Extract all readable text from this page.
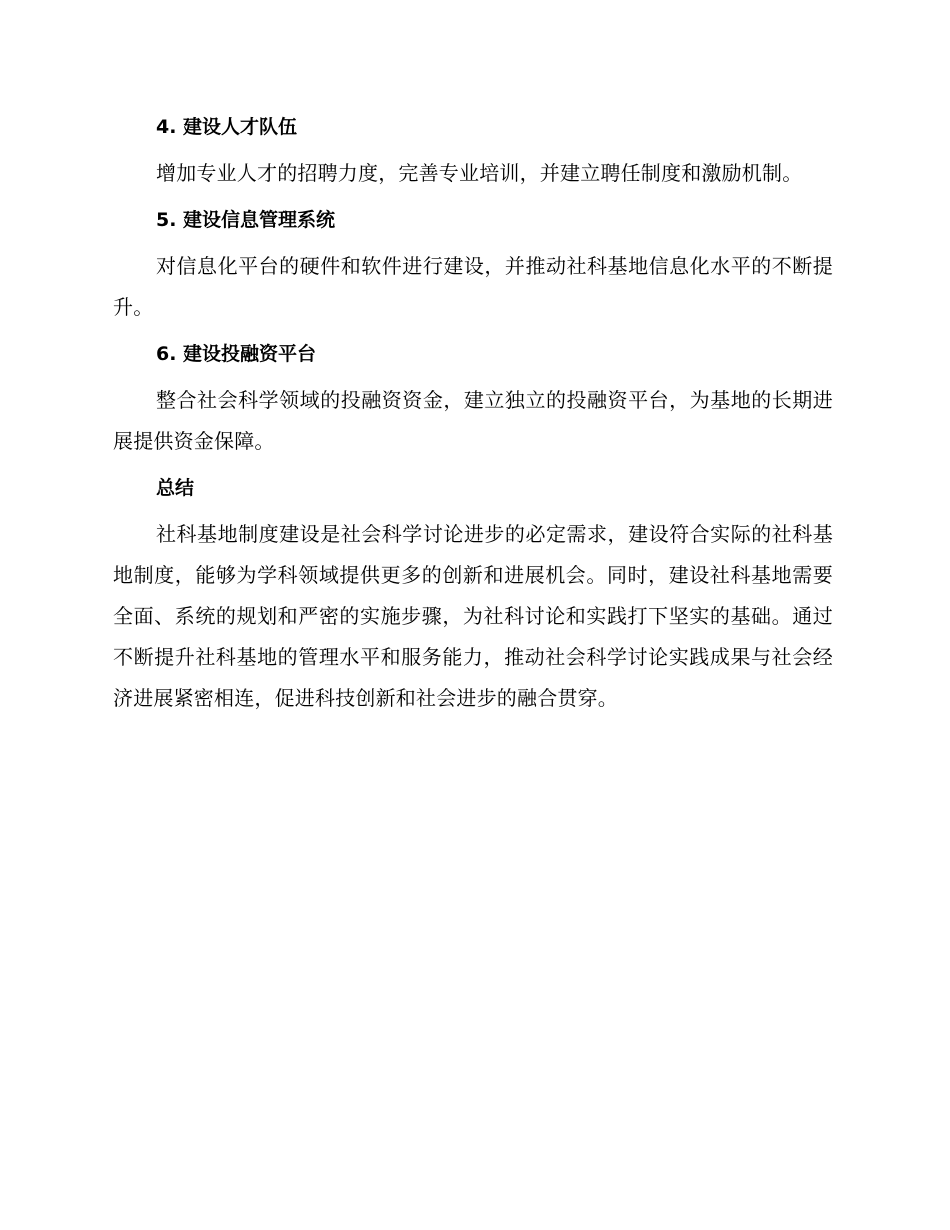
4. 建设人才队伍

增加专业人才的招聘力度，完善专业培训，并建立聘任制度和激励机制。

5. 建设信息管理系统

对信息化平台的硬件和软件进行建设，并推动社科基地信息化水平的不断提升。

6. 建设投融资平台

整合社会科学领域的投融资资金，建立独立的投融资平台，为基地的长期进展提供资金保障。

总结

社科基地制度建设是社会科学讨论进步的必定需求，建设符合实际的社科基地制度，能够为学科领域提供更多的创新和进展机会。同时，建设社科基地需要全面、系统的规划和严密的实施步骤，为社科讨论和实践打下坚实的基础。通过不断提升社科基地的管理水平和服务能力，推动社会科学讨论实践成果与社会经济进展紧密相连，促进科技创新和社会进步的融合贯穿。
